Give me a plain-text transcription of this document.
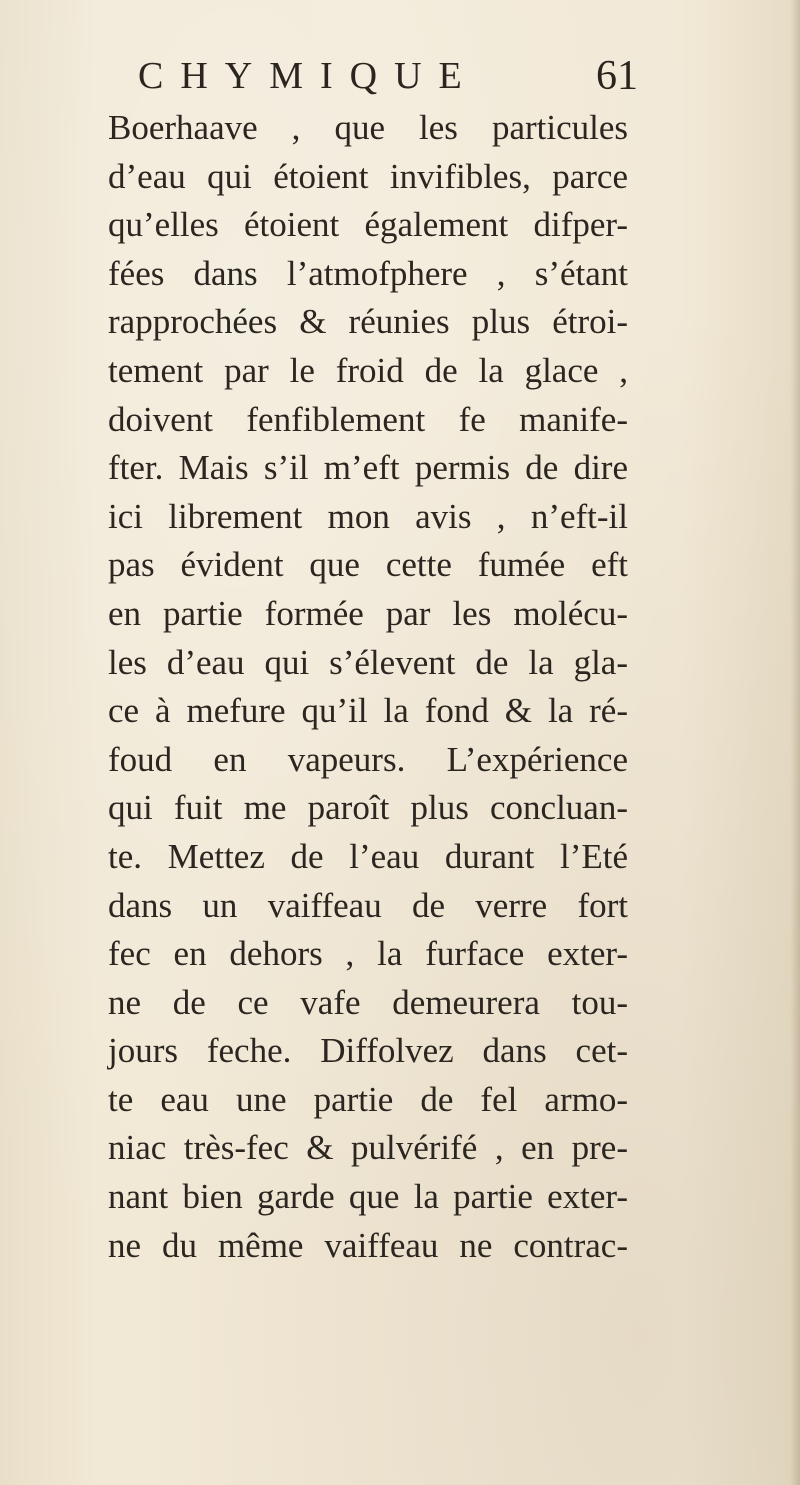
CHYMIQUE	61
Boerhaave , que les particules
d’eau qui étoient invifibles, parce
qu’elles étoient également difper-
fées dans l’atmofphere , s’étant
rapprochées & réunies plus étroi-
tement par le froid de la glace ,
doivent fenfiblement fe manife-
fter. Mais s’il m’eft permis de dire
ici librement mon avis , n’eft-il
pas évident que cette fumée eft
en partie formée par les molécu-
les d’eau qui s’élevent de la gla-
ce à mefure qu’il la fond & la ré-
foud en vapeurs. L’expérience
qui fuit me paroît plus concluan-
te. Mettez de l’eau durant l’Eté
dans un vaiffeau de verre fort
fec en dehors , la furface exter-
ne de ce vafe demeurera tou-
jours feche. Diffolvez dans cet-
te eau une partie de fel armo-
niac très-fec & pulvérifé , en pre-
nant bien garde que la partie exter-
ne du même vaiffeau ne contrac-
